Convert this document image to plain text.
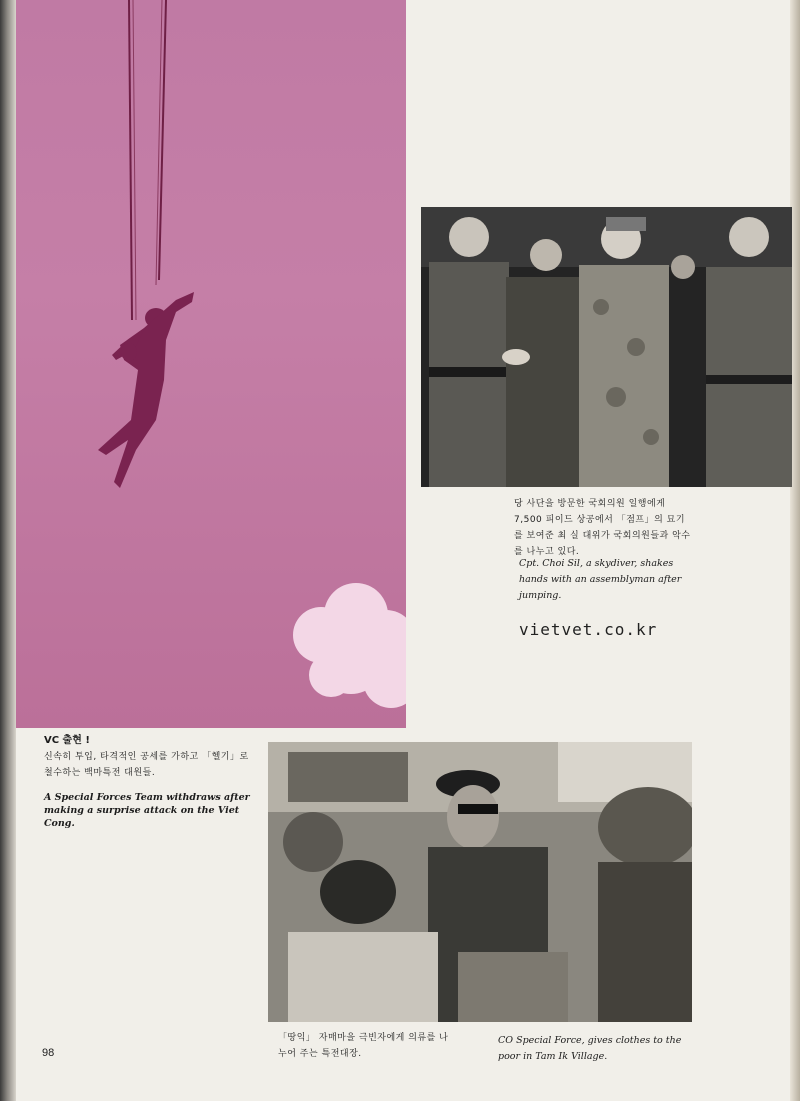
당 사단을 방문한 국회의원 일행에게 7,500 피이드 상공에서 「점프」의 묘기를 보여준 최 실 대위가 국회의원들과 악수를 나누고 있다.
Cpt. Choi Sil, a skydiver, shakes hands with an assemblyman after jumping.
vietvet.co.kr
VC 출현 !
신속히 투입, 타격적인 공세를 가하고 「헬기」로 철수하는 백마특전 대원들.
A Special Forces Team withdraws after making a surprise attack on the Viet Cong.
「땅익」 자매마을 극빈자에게 의류를 나누어 주는 특전대장.
CO Special Force, gives clothes to the poor in Tam Ik Village.
98
